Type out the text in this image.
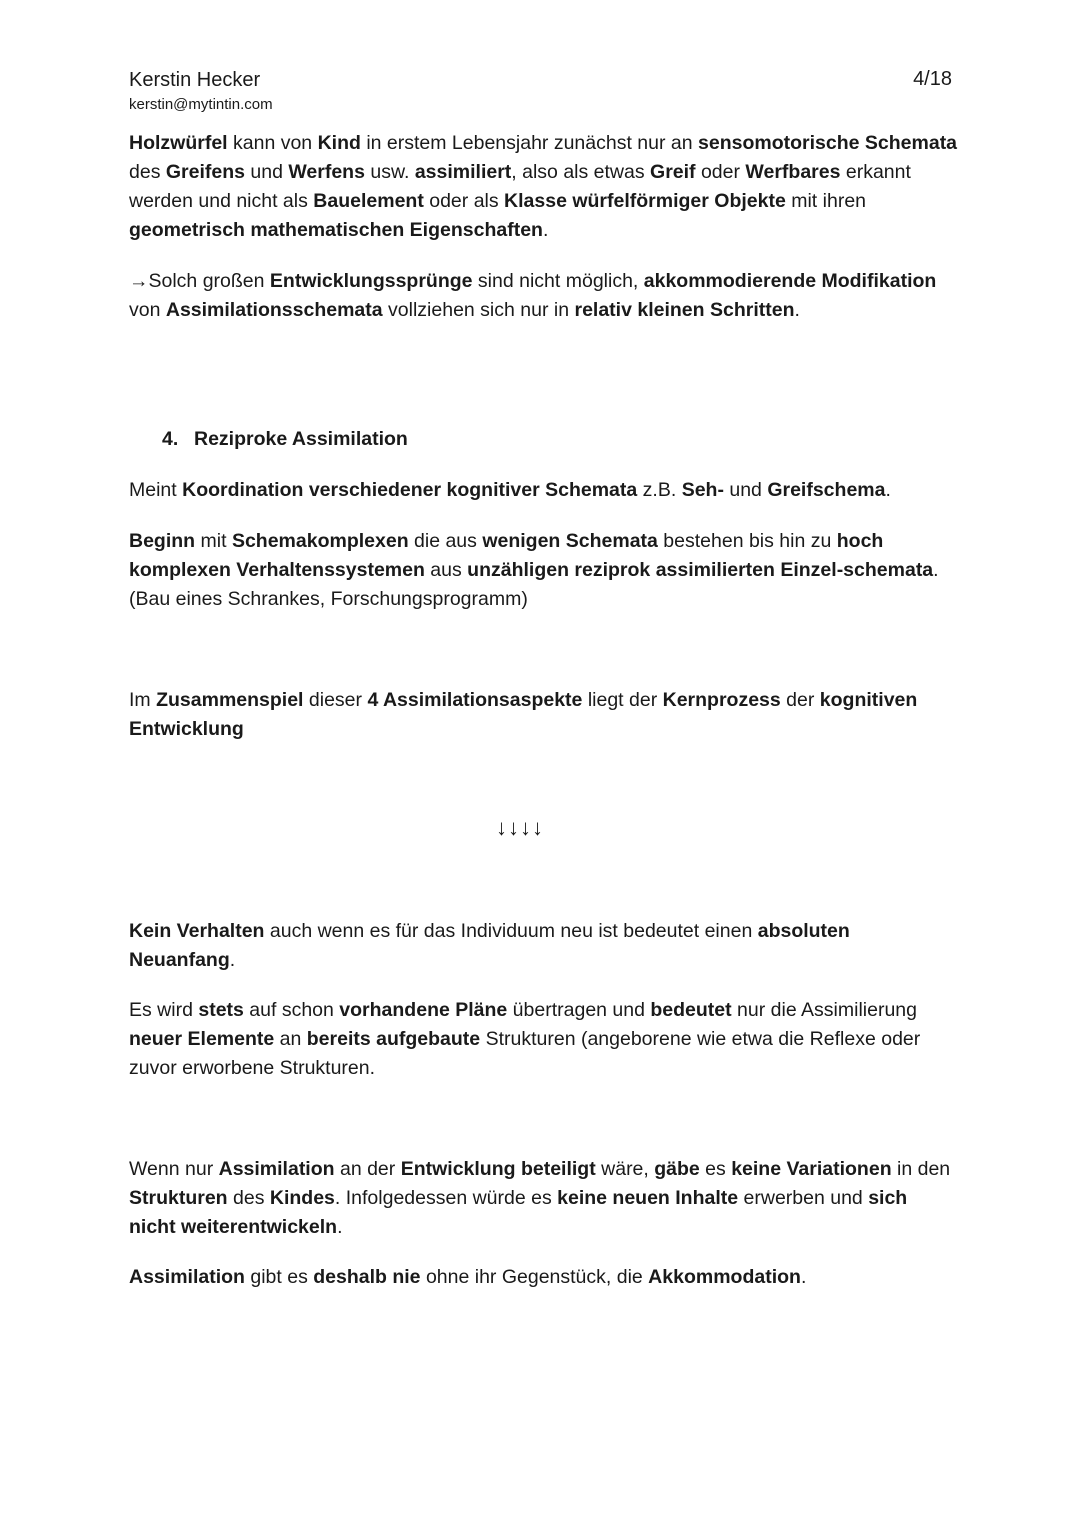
Kerstin Hecker
kerstin@mytintin.com
4/18

Holzwürfel kann von Kind in erstem Lebensjahr zunächst nur an sensomotorische Schemata des Greifens und Werfens usw. assimiliert, also als etwas Greif oder Werfbares erkannt werden und nicht als Bauelement oder als Klasse würfelförmiger Objekte mit ihren geometrisch mathematischen Eigenschaften.

→Solch großen Entwicklungssprünge sind nicht möglich, akkommodierende Modifikation von Assimilationsschemata vollziehen sich nur in relativ kleinen Schritten.

4. Reziproke Assimilation

Meint Koordination verschiedener kognitiver Schemata z.B. Seh- und Greifschema.

Beginn mit Schemakomplexen die aus wenigen Schemata bestehen bis hin zu hoch komplexen Verhaltenssystemen aus unzähligen reziprok assimilierten Einzel-schemata. (Bau eines Schrankes, Forschungsprogramm)

Im Zusammenspiel dieser 4 Assimilationsaspekte liegt der Kernprozess der kognitiven Entwicklung

↓↓↓↓

Kein Verhalten auch wenn es für das Individuum neu ist bedeutet einen absoluten Neuanfang.

Es wird stets auf schon vorhandene Pläne übertragen und bedeutet nur die Assimilierung neuer Elemente an bereits aufgebaute Strukturen (angeborene wie etwa die Reflexe oder zuvor erworbene Strukturen.

Wenn nur Assimilation an der Entwicklung beteiligt wäre, gäbe es keine Variationen in den Strukturen des Kindes. Infolgedessen würde es keine neuen Inhalte erwerben und sich nicht weiterentwickeln.

Assimilation gibt es deshalb nie ohne ihr Gegenstück, die Akkommodation.
